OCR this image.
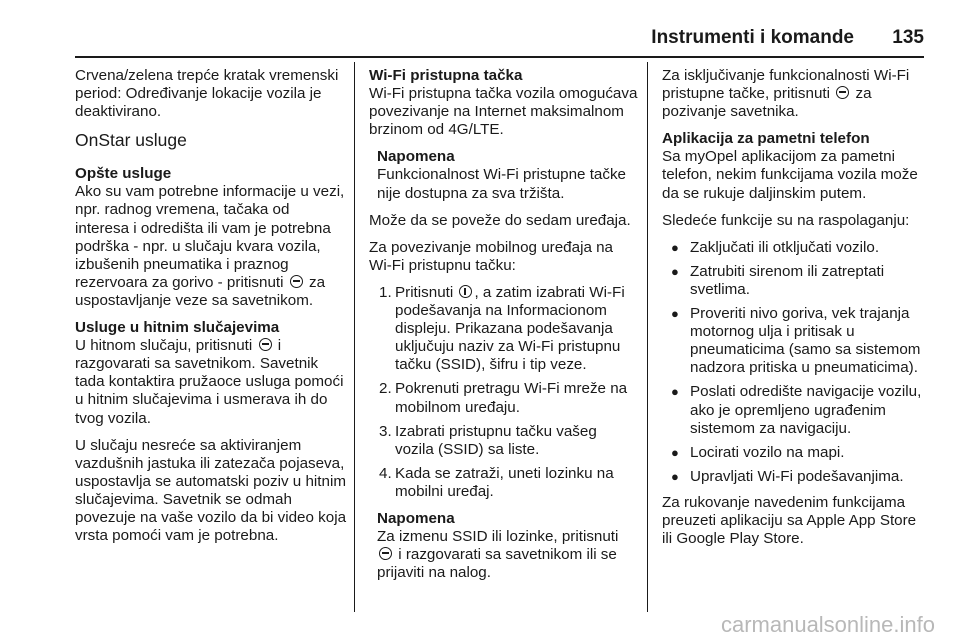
Instrumenti i komande 135

Crvena/zelena trepće kratak vremenski period: Određivanje lokacije vozila je deaktivirano.

OnStar usluge
Opšte usluge
Ako su vam potrebne informacije u vezi, npr. radnog vremena, tačaka od interesa i odredišta ili vam je potrebna podrška - npr. u slučaju kvara vozila, izbušenih pneumatika i praznog rezervoara za gorivo - pritisnuti za uspostavljanje veze sa savetnikom.
Usluge u hitnim slučajevima
U hitnom slučaju, pritisnuti i razgovarati sa savetnikom. Savetnik tada kontaktira pružaoce usluga pomoći u hitnim slučajevima i usmerava ih do tvog vozila.

U slučaju nesreće sa aktiviranjem vazdušnih jastuka ili zatezača pojaseva, uspostavlja se automatski poziv u hitnim slučajevima. Savetnik se odmah povezuje na vaše vozilo da bi video koja vrsta pomoći vam je potrebna.

Wi-Fi pristupna tačka
Wi-Fi pristupna tačka vozila omogućava povezivanje na Internet maksimalnom brzinom od 4G/LTE.
Napomena
Funkcionalnost Wi-Fi pristupne tačke nije dostupna za sva tržišta.

Može da se poveže do sedam uređaja.

Za povezivanje mobilnog uređaja na Wi-Fi pristupnu tačku:

1. Pritisnuti , a zatim izabrati Wi-Fi podešavanja na Informacionom displeju. Prikazana podešavanja uključuju naziv za Wi-Fi pristupnu tačku (SSID), šifru i tip veze.
2. Pokrenuti pretragu Wi-Fi mreže na mobilnom uređaju.
3. Izabrati pristupnu tačku vašeg vozila (SSID) sa liste.
4. Kada se zatraži, uneti lozinku na mobilni uređaj.
Napomena
Za izmenu SSID ili lozinke, pritisnuti  i razgovarati sa savetnikom ili se prijaviti na nalog.

Za isključivanje funkcionalnosti Wi-Fi pristupne tačke, pritisnuti za pozivanje savetnika.

Aplikacija za pametni telefon
Sa myOpel aplikacijom za pametni telefon, nekim funkcijama vozila može da se rukuje daljinskim putem.

Sledeće funkcije su na raspolaganju:

● Zaključati ili otključati vozilo.
● Zatrubiti sirenom ili zatreptati svetlima.
● Proveriti nivo goriva, vek trajanja motornog ulja i pritisak u pneumaticima (samo sa sistemom nadzora pritiska u pneumaticima).
● Poslati odredište navigacije vozilu, ako je opremljeno ugrađenim sistemom za navigaciju.
● Locirati vozilo na mapi.
● Upravljati Wi-Fi podešavanjima.

Za rukovanje navedenim funkcijama preuzeti aplikaciju sa Apple App Store ili Google Play Store.

carmanualsonline.info
